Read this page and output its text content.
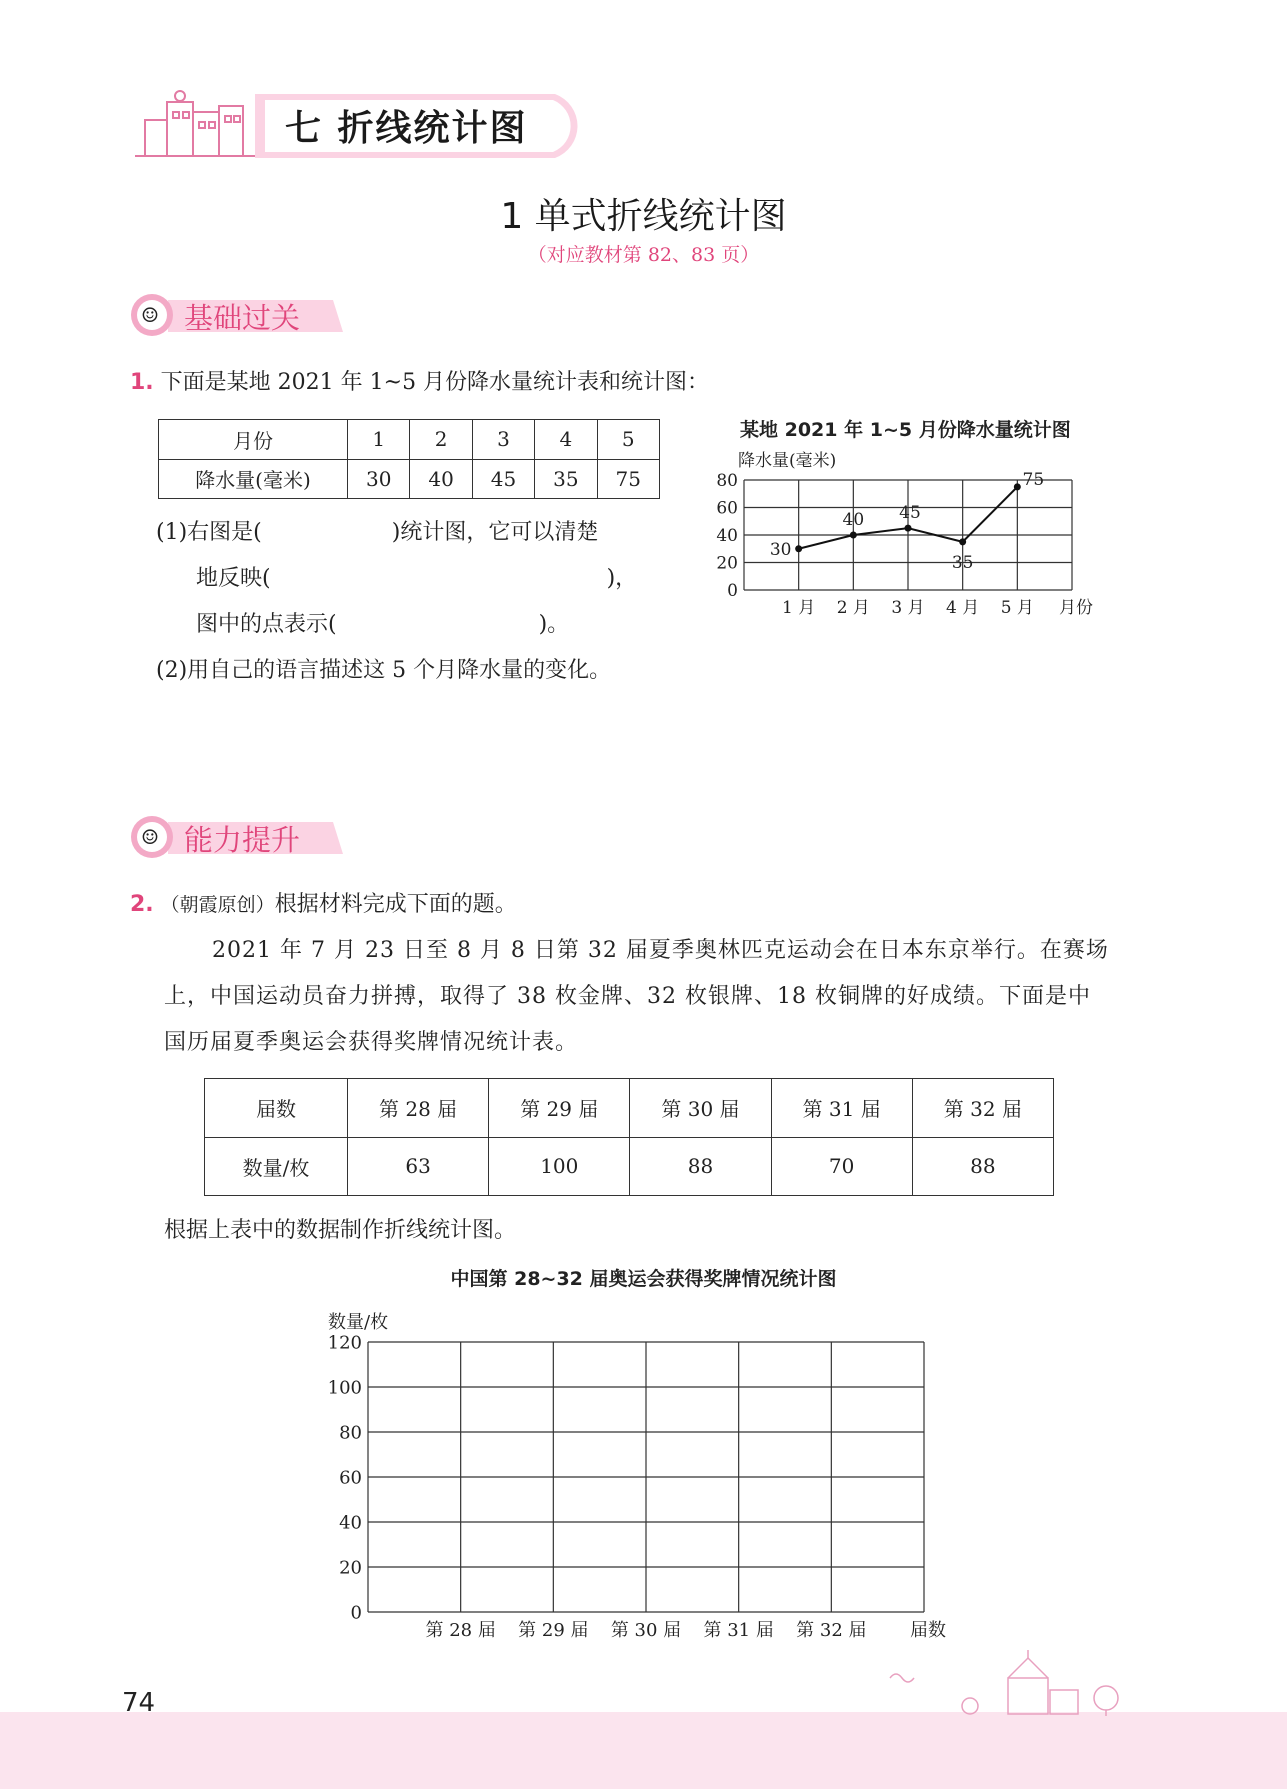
七 折线统计图
1 单式折线统计图
（对应教材第 82、83 页）
☺ 基础过关
1. 下面是某地 2021 年 1~5 月份降水量统计表和统计图：
月份	1	2	3	4	5
降水量(毫米)	30	40	45	35	75
(1)右图是(	)统计图，它可以清楚
地反映(	)，
图中的点表示(	)。
(2)用自己的语言描述这 5 个月降水量的变化。
某地 2021 年 1~5 月份降水量统计图
降水量(毫米)
0
20
40
60
80
1 月 2 月 3 月 4 月 5 月 月份
30
40 45
35
75
☺ 能力提升
2. （朝霞原创）根据材料完成下面的题。
2021 年 7 月 23 日至 8 月 8 日第 32 届夏季奥林匹克运动会在日本东京举行。在赛场
上，中国运动员奋力拼搏，取得了 38 枚金牌、32 枚银牌、18 枚铜牌的好成绩。下面是中
国历届夏季奥运会获得奖牌情况统计表。
届数	第 28 届	第 29 届	第 30 届	第 31 届	第 32 届
数量/枚	63	100	88	70	88
根据上表中的数据制作折线统计图。
中国第 28~32 届奥运会获得奖牌情况统计图
数量/枚
0
20
40
60
80
100
120
第 28 届 第 29 届 第 30 届 第 31 届 第 32 届 届数
74
